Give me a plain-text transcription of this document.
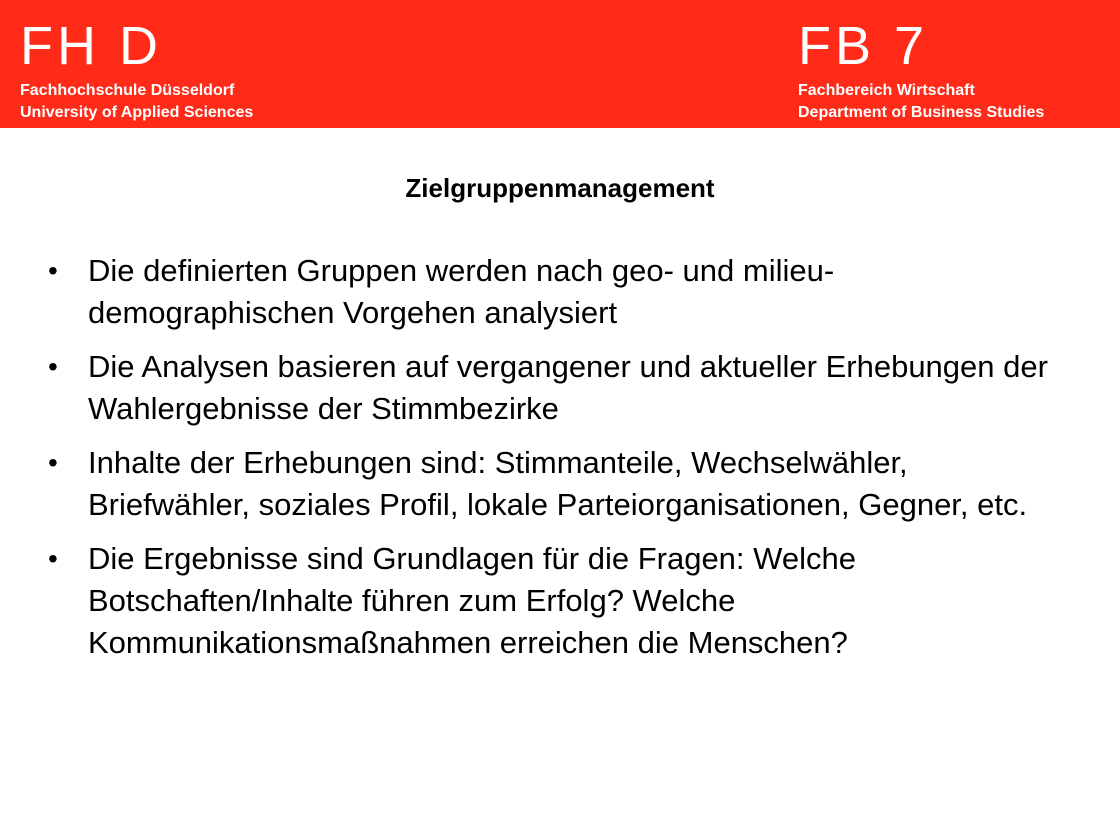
FH D
Fachhochschule Düsseldorf
University of Applied Sciences
FB 7
Fachbereich Wirtschaft
Department of Business Studies
Zielgruppenmanagement
• Die definierten Gruppen werden nach geo- und milieu-demographischen Vorgehen analysiert
• Die Analysen basieren auf vergangener und aktueller Erhebungen der Wahlergebnisse der Stimmbezirke
• Inhalte der Erhebungen sind: Stimmanteile, Wechselwähler, Briefwähler, soziales Profil, lokale Parteiorganisationen, Gegner, etc.
• Die Ergebnisse sind Grundlagen für die Fragen: Welche Botschaften/Inhalte führen zum Erfolg? Welche Kommunikationsmaßnahmen erreichen die Menschen?
